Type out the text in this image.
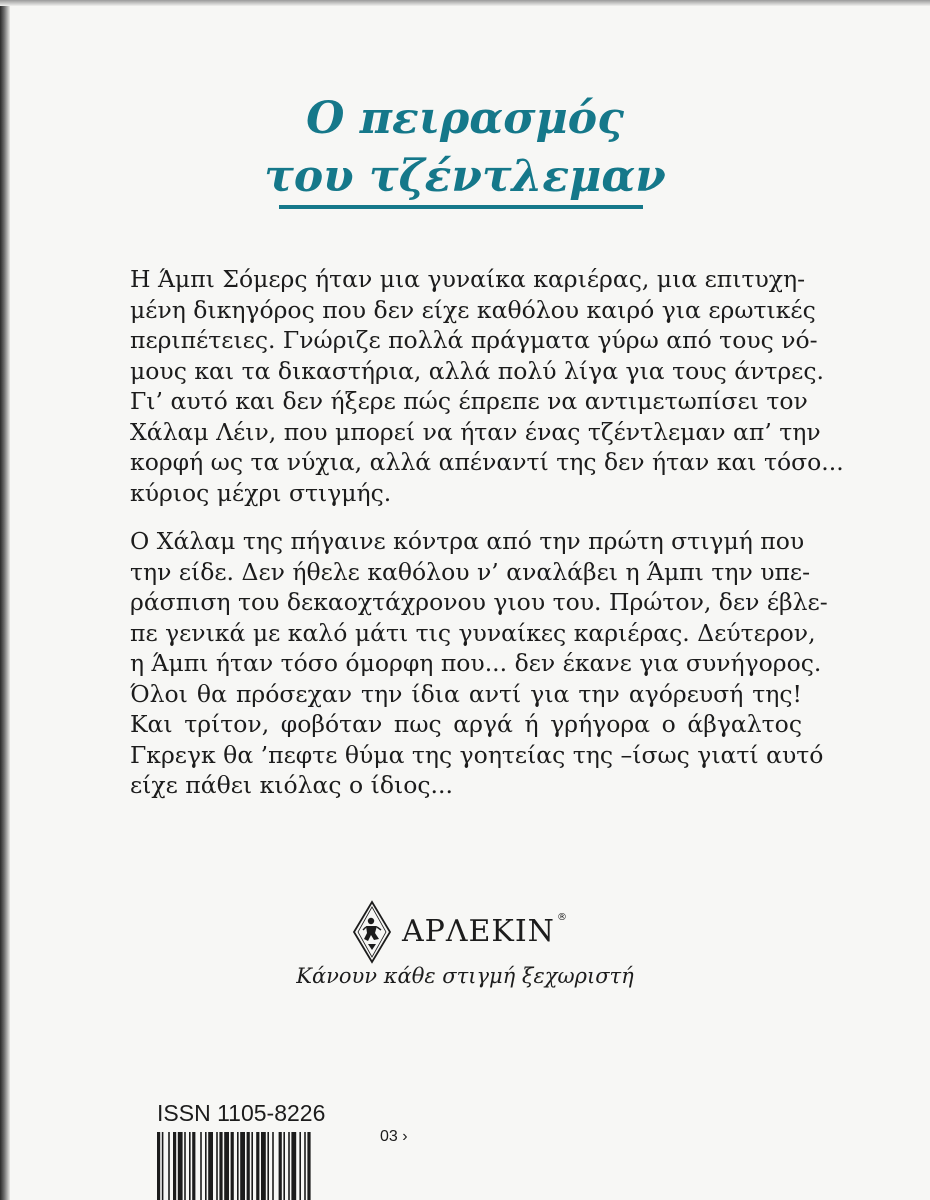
Ο πειρασμός
του τζέντλεμαν
Η Άμπι Σόμερς ήταν μια γυναίκα καριέρας, μια επιτυχη-
μένη δικηγόρος που δεν είχε καθόλου καιρό για ερωτικές
περιπέτειες. Γνώριζε πολλά πράγματα γύρω από τους νό-
μους και τα δικαστήρια, αλλά πολύ λίγα για τους άντρες.
Γι’ αυτό και δεν ήξερε πώς έπρεπε να αντιμετωπίσει τον
Χάλαμ Λέιν, που μπορεί να ήταν ένας τζέντλεμαν απ’ την
κορφή ως τα νύχια, αλλά απέναντί της δεν ήταν και τόσο...
κύριος μέχρι στιγμής.
Ο Χάλαμ της πήγαινε κόντρα από την πρώτη στιγμή που
την είδε. Δεν ήθελε καθόλου ν’ αναλάβει η Άμπι την υπε-
ράσπιση του δεκαοχτάχρονου γιου του. Πρώτον, δεν έβλε-
πε γενικά με καλό μάτι τις γυναίκες καριέρας. Δεύτερον,
η Άμπι ήταν τόσο όμορφη που... δεν έκανε για συνήγορος.
Όλοι θα πρόσεχαν την ίδια αντί για την αγόρευσή της!
Και τρίτον, φοβόταν πως αργά ή γρήγορα ο άβγαλτος
Γκρεγκ θα ’πεφτε θύμα της γοητείας της –ίσως γιατί αυτό
είχε πάθει κιόλας ο ίδιος...
ΑΡΛΕΚΙΝ ®

Κάνουν κάθε στιγμή ξεχωριστή

ISSN 1105-8226

03 ›
